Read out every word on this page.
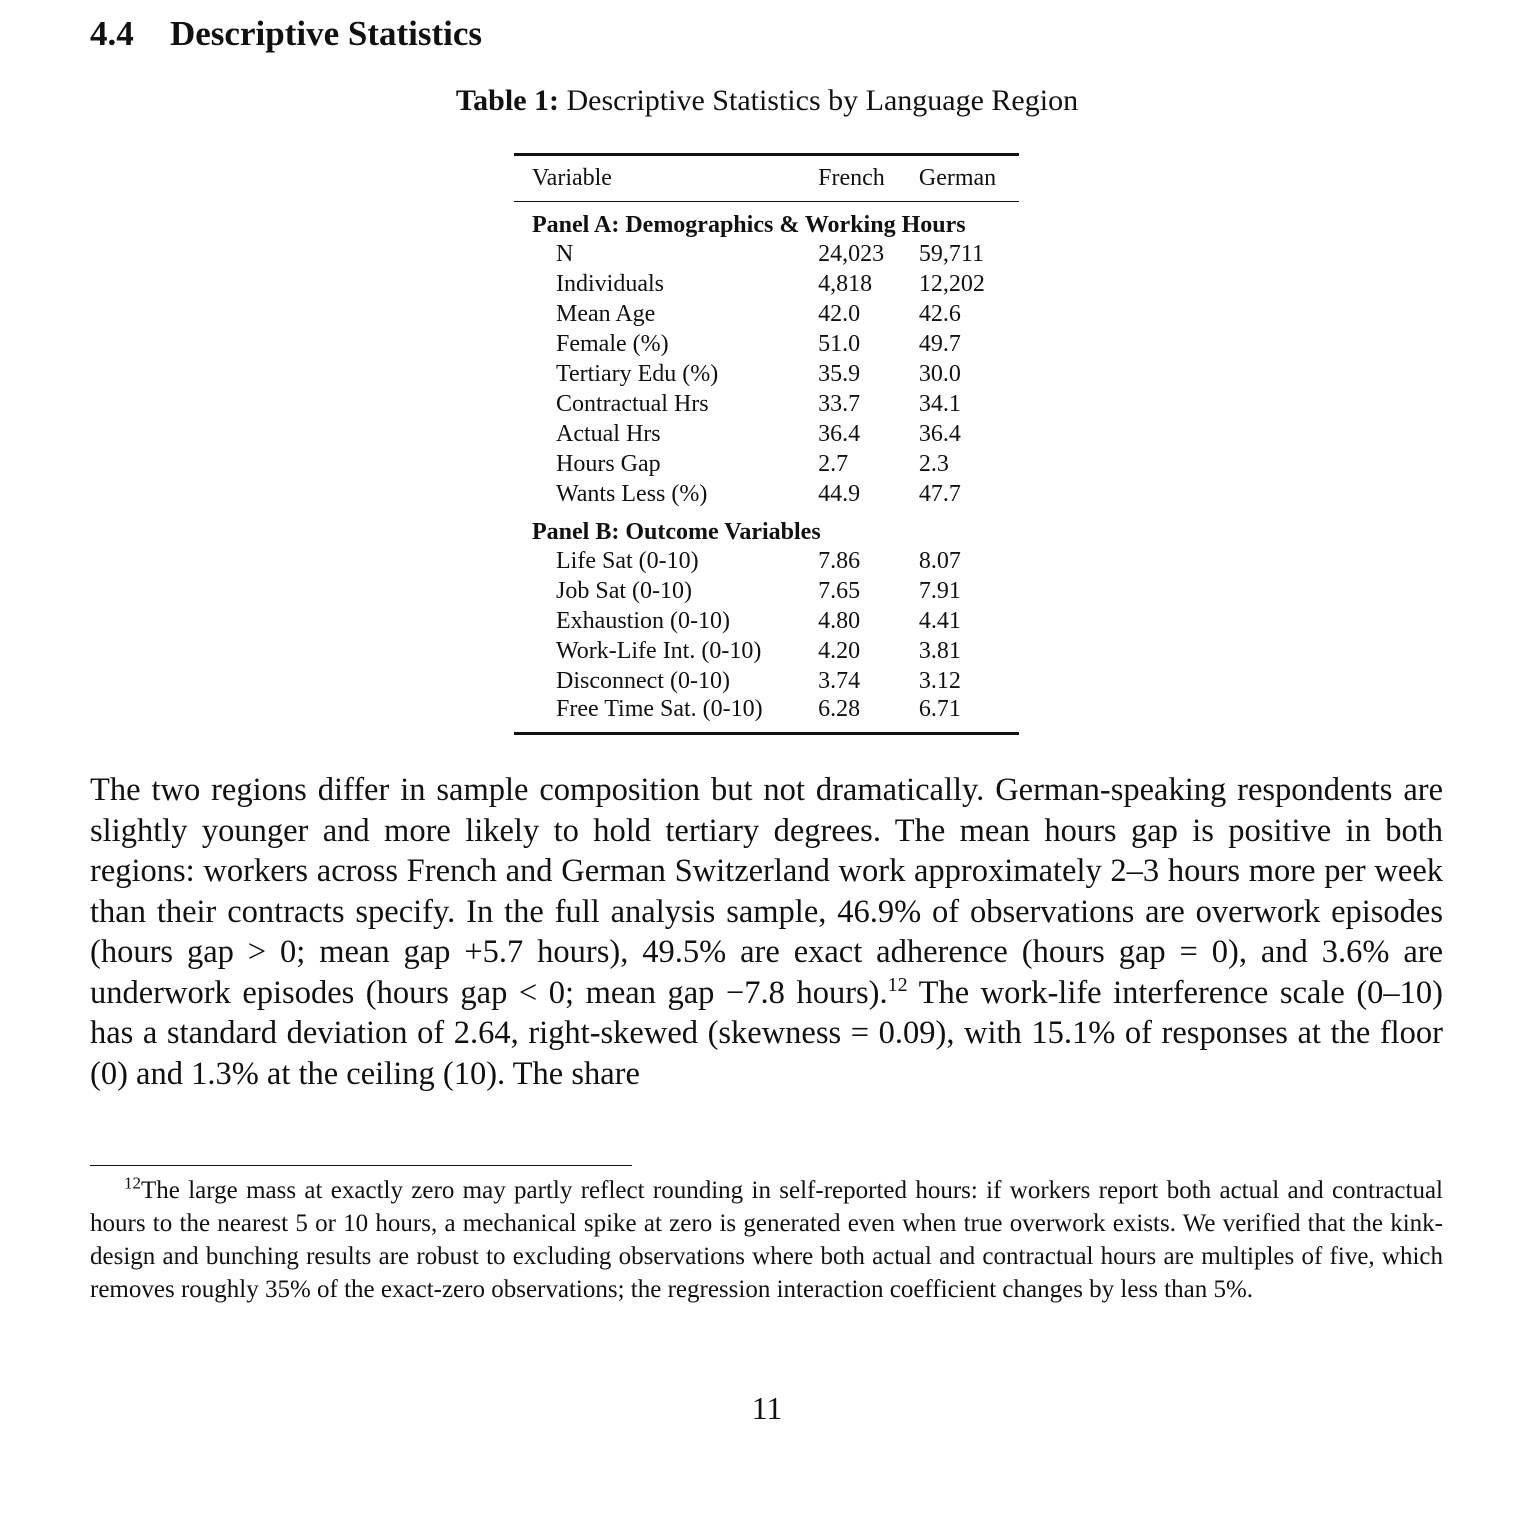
4.4 Descriptive Statistics
Table 1: Descriptive Statistics by Language Region
Variable	French	German
Panel A: Demographics & Working Hours		
N	24,023	59,711
Individuals	4,818	12,202
Mean Age	42.0	42.6
Female (%)	51.0	49.7
Tertiary Edu (%)	35.9	30.0
Contractual Hrs	33.7	34.1
Actual Hrs	36.4	36.4
Hours Gap	2.7	2.3
Wants Less (%)	44.9	47.7
Panel B: Outcome Variables		
Life Sat (0-10)	7.86	8.07
Job Sat (0-10)	7.65	7.91
Exhaustion (0-10)	4.80	4.41
Work-Life Int. (0-10)	4.20	3.81
Disconnect (0-10)	3.74	3.12
Free Time Sat. (0-10)	6.28	6.71

The two regions differ in sample composition but not dramatically. German-speaking respondents are slightly younger and more likely to hold tertiary degrees. The mean hours gap is positive in both regions: workers across French and German Switzerland work approximately 2–3 hours more per week than their contracts specify. In the full analysis sample, 46.9% of observations are overwork episodes (hours gap > 0; mean gap +5.7 hours), 49.5% are exact adherence (hours gap = 0), and 3.6% are underwork episodes (hours gap < 0; mean gap −7.8 hours).$^{12}$ The work-life interference scale (0–10) has a standard deviation of 2.64, right-skewed (skewness = 0.09), with 15.1% of responses at the floor (0) and 1.3% at the ceiling (10). The share

$^{12}$The large mass at exactly zero may partly reflect rounding in self-reported hours: if workers report both actual and contractual hours to the nearest 5 or 10 hours, a mechanical spike at zero is generated even when true overwork exists. We verified that the kink-design and bunching results are robust to excluding observations where both actual and contractual hours are multiples of five, which removes roughly 35% of the exact-zero observations; the regression interaction coefficient changes by less than 5%.

11
